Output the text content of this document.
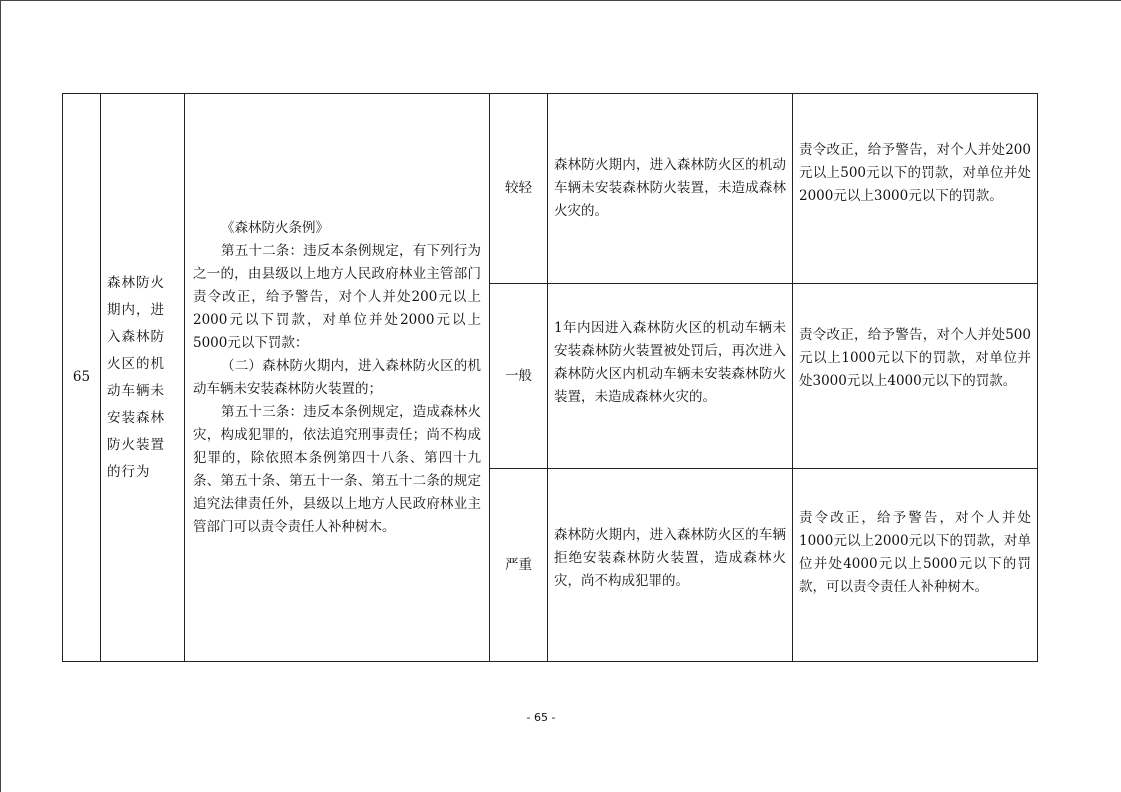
65	森林防火期内，进入森林防火区的机动车辆未安装森林防火装置的行为	《森林防火条例》

第五十二条：违反本条例规定，有下列行为之一的，由县级以上地方人民政府林业主管部门责令改正，给予警告，对个人并处200元以上2000元以下罚款，对单位并处2000元以上5000元以下罚款：

（二）森林防火期内，进入森林防火区的机动车辆未安装森林防火装置的；

第五十三条：违反本条例规定，造成森林火灾，构成犯罪的，依法追究刑事责任；尚不构成犯罪的，除依照本条例第四十八条、第四十九条、第五十条、第五十一条、第五十二条的规定追究法律责任外，县级以上地方人民政府林业主管部门可以责令责任人补种树木。	较轻	森林防火期内，进入森林防火区的机动车辆未安装森林防火装置，未造成森林火灾的。	责令改正，给予警告，对个人并处200元以上500元以下的罚款，对单位并处2000元以上3000元以下的罚款。
			一般	1年内因进入森林防火区的机动车辆未安装森林防火装置被处罚后，再次进入森林防火区内机动车辆未安装森林防火装置，未造成森林火灾的。	责令改正，给予警告，对个人并处500元以上1000元以下的罚款，对单位并处3000元以上4000元以下的罚款。
			严重	森林防火期内，进入森林防火区的车辆拒绝安装森林防火装置，造成森林火灾，尚不构成犯罪的。	责令改正，给予警告，对个人并处1000元以上2000元以下的罚款，对单位并处4000元以上5000元以下的罚款，可以责令责任人补种树木。
- 65 -
